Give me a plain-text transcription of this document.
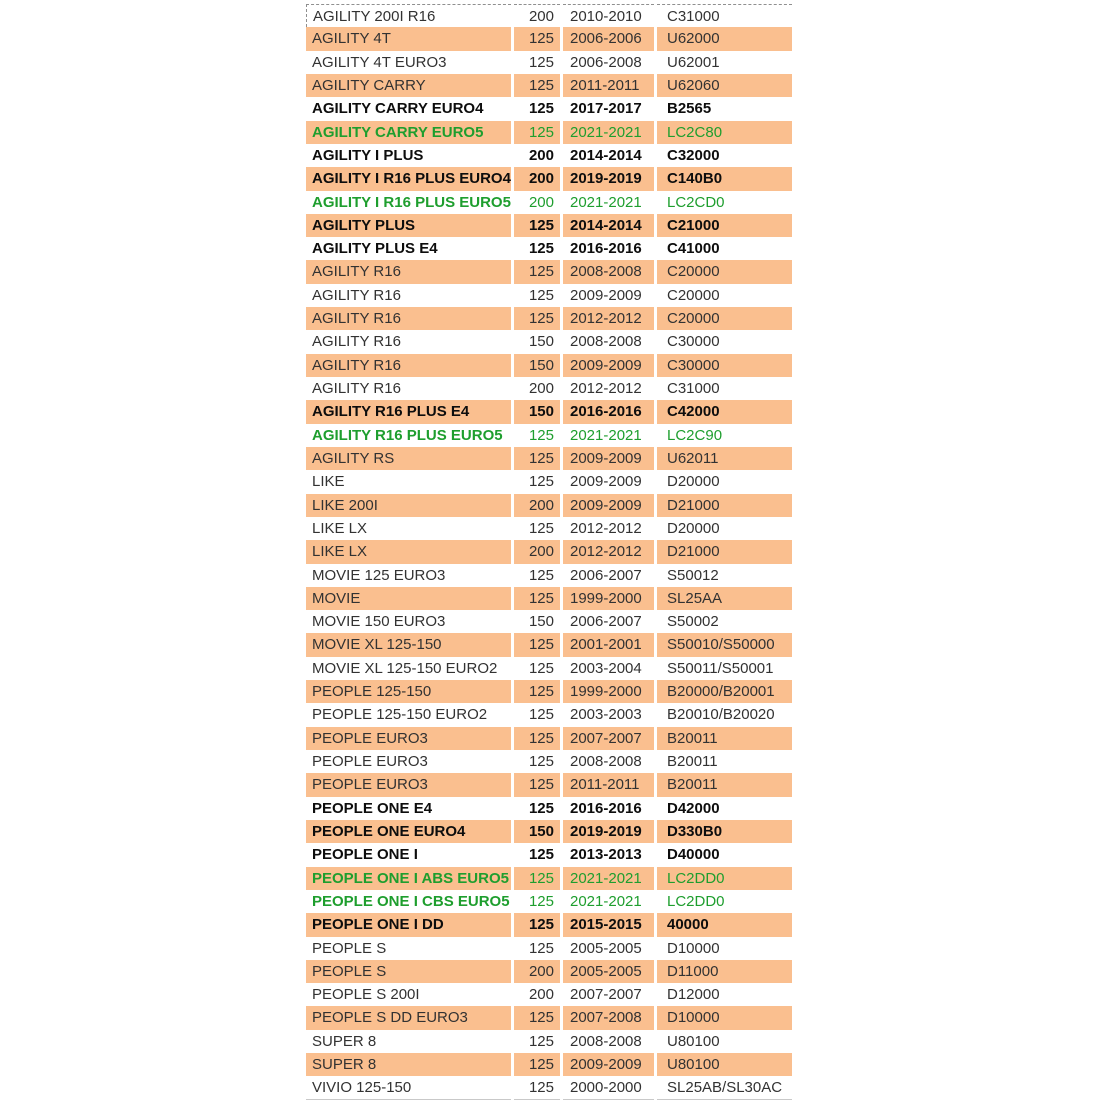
AGILITY 200I R16	200	2010-2010	C31000
AGILITY 4T	125	2006-2006	U62000
AGILITY 4T EURO3	125	2006-2008	U62001
AGILITY CARRY	125	2011-2011	U62060
AGILITY CARRY EURO4	125	2017-2017	B2565
AGILITY CARRY EURO5	125	2021-2021	LC2C80
AGILITY I PLUS	200	2014-2014	C32000
AGILITY I R16 PLUS EURO4	200	2019-2019	C140B0
AGILITY I R16 PLUS EURO5	200	2021-2021	LC2CD0
AGILITY PLUS	125	2014-2014	C21000
AGILITY PLUS E4	125	2016-2016	C41000
AGILITY R16	125	2008-2008	C20000
AGILITY R16	125	2009-2009	C20000
AGILITY R16	125	2012-2012	C20000
AGILITY R16	150	2008-2008	C30000
AGILITY R16	150	2009-2009	C30000
AGILITY R16	200	2012-2012	C31000
AGILITY R16 PLUS E4	150	2016-2016	C42000
AGILITY R16 PLUS EURO5	125	2021-2021	LC2C90
AGILITY RS	125	2009-2009	U62011
LIKE	125	2009-2009	D20000
LIKE 200I	200	2009-2009	D21000
LIKE LX	125	2012-2012	D20000
LIKE LX	200	2012-2012	D21000
MOVIE 125 EURO3	125	2006-2007	S50012
MOVIE	125	1999-2000	SL25AA
MOVIE 150 EURO3	150	2006-2007	S50002
MOVIE XL 125-150	125	2001-2001	S50010/S50000
MOVIE XL 125-150 EURO2	125	2003-2004	S50011/S50001
PEOPLE 125-150	125	1999-2000	B20000/B20001
PEOPLE 125-150 EURO2	125	2003-2003	B20010/B20020
PEOPLE EURO3	125	2007-2007	B20011
PEOPLE EURO3	125	2008-2008	B20011
PEOPLE EURO3	125	2011-2011	B20011
PEOPLE ONE E4	125	2016-2016	D42000
PEOPLE ONE EURO4	150	2019-2019	D330B0
PEOPLE ONE I	125	2013-2013	D40000
PEOPLE ONE I ABS EURO5	125	2021-2021	LC2DD0
PEOPLE ONE I CBS EURO5	125	2021-2021	LC2DD0
PEOPLE ONE I DD	125	2015-2015	40000
PEOPLE S	125	2005-2005	D10000
PEOPLE S	200	2005-2005	D11000
PEOPLE S 200I	200	2007-2007	D12000
PEOPLE S DD EURO3	125	2007-2008	D10000
SUPER 8	125	2008-2008	U80100
SUPER 8	125	2009-2009	U80100
VIVIO 125-150	125	2000-2000	SL25AB/SL30AC
